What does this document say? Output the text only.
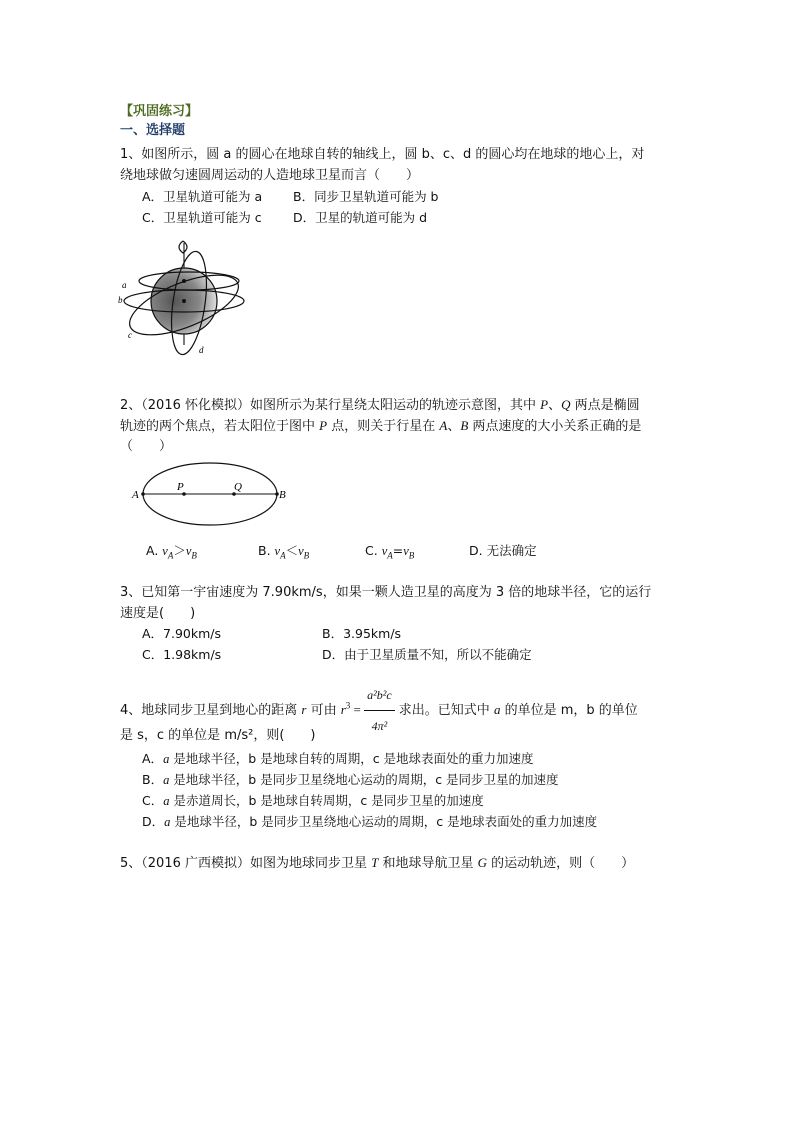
【巩固练习】
一、选择题
1、如图所示，圆 a 的圆心在地球自转的轴线上，圆 b、c、d 的圆心均在地球的地心上，对
绕地球做匀速圆周运动的人造地球卫星而言（　　）
A．卫星轨道可能为 a B．同步卫星轨道可能为 b
C．卫星轨道可能为 c	D．卫星的轨道可能为 d
a
b
c
d
2、（2016 怀化模拟）如图所示为某行星绕太阳运动的轨迹示意图，其中 P、Q 两点是椭圆
轨迹的两个焦点，若太阳位于图中 P 点，则关于行星在 A、B 两点速度的大小关系正确的是
（　　）
A
P	Q
B
A. $v_A>v_B$	B. $v_A<v_B$	C. $v_A=v_B$	D. 无法确定
3、已知第一宇宙速度为 7.90km/s，如果一颗人造卫星的高度为 3 倍的地球半径，它的运行
速度是(　　)
A．7.90km/s	B．3.95km/s
C．1.98km/s	D．由于卫星质量不知，所以不能确定
4、地球同步卫星到地心的距离 r 可由 $r^3 = \frac{\text{a²b²c}}{\text{4π²}}$ 求出。已知式中 a 的单位是 m，b 的单位
是 s，c 的单位是 m/s²，则(　　)
A．a 是地球半径，b 是地球自转的周期，c 是地球表面处的重力加速度
B．a 是地球半径，b 是同步卫星绕地心运动的周期，c 是同步卫星的加速度
C．a 是赤道周长，b 是地球自转周期，c 是同步卫星的加速度
D．a 是地球半径，b 是同步卫星绕地心运动的周期，c 是地球表面处的重力加速度
5、（2016 广西模拟）如图为地球同步卫星 T 和地球导航卫星 G 的运动轨迹，则（　　）
